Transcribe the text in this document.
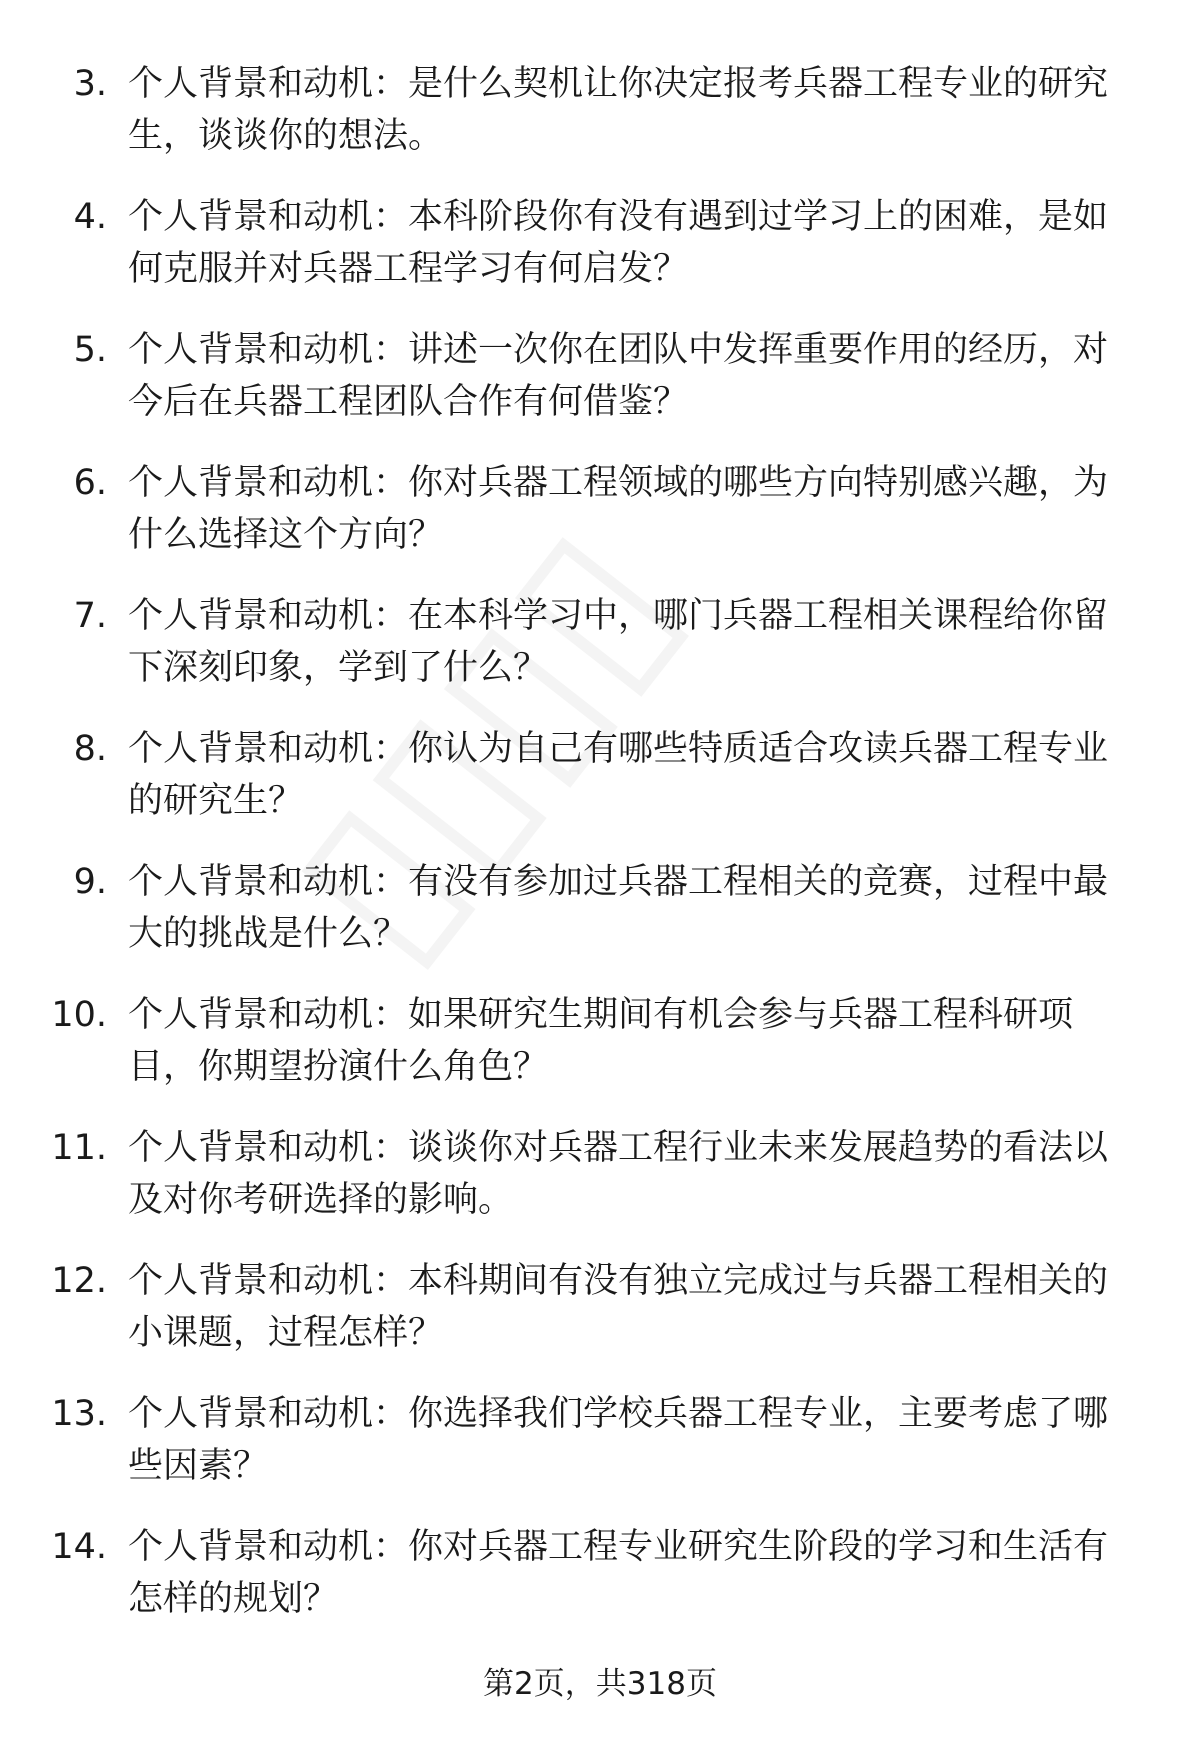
3. 个人背景和动机：是什么契机让你决定报考兵器工程专业的研究生，谈谈你的想法。
4. 个人背景和动机：本科阶段你有没有遇到过学习上的困难，是如何克服并对兵器工程学习有何启发？
5. 个人背景和动机：讲述一次你在团队中发挥重要作用的经历，对今后在兵器工程团队合作有何借鉴？
6. 个人背景和动机：你对兵器工程领域的哪些方向特别感兴趣，为什么选择这个方向？
7. 个人背景和动机：在本科学习中，哪门兵器工程相关课程给你留下深刻印象，学到了什么？
8. 个人背景和动机：你认为自己有哪些特质适合攻读兵器工程专业的研究生？
9. 个人背景和动机：有没有参加过兵器工程相关的竞赛，过程中最大的挑战是什么？
10. 个人背景和动机：如果研究生期间有机会参与兵器工程科研项目，你期望扮演什么角色？
11. 个人背景和动机：谈谈你对兵器工程行业未来发展趋势的看法以及对你考研选择的影响。
12. 个人背景和动机：本科期间有没有独立完成过与兵器工程相关的小课题，过程怎样？
13. 个人背景和动机：你选择我们学校兵器工程专业，主要考虑了哪些因素？
14. 个人背景和动机：你对兵器工程专业研究生阶段的学习和生活有怎样的规划？
第2页，共318页
